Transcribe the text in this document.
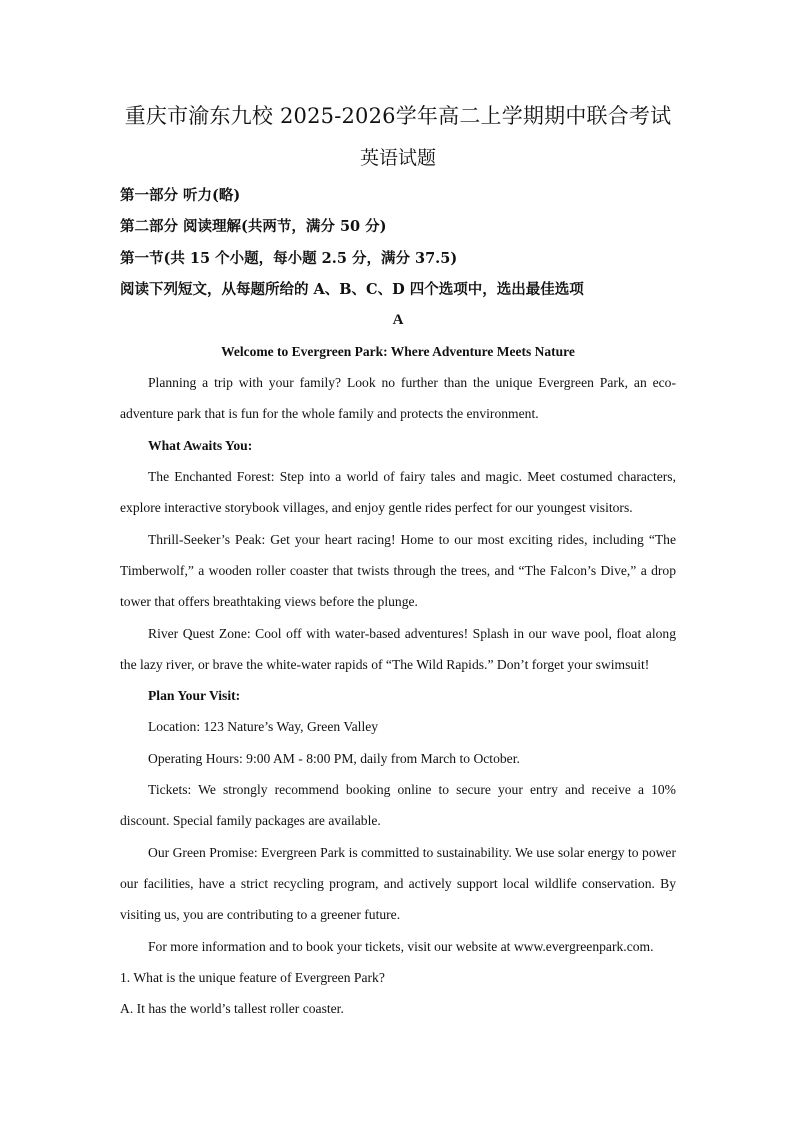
重庆市渝东九校 2025-2026学年高二上学期期中联合考试

英语试题

第一部分 听力(略)

第二部分 阅读理解(共两节，满分 50 分)

第一节(共 15 个小题，每小题 2.5 分，满分 37.5)

阅读下列短文，从每题所给的 A、B、C、D 四个选项中，选出最佳选项

A

Welcome to Evergreen Park: Where Adventure Meets Nature

Planning a trip with your family? Look no further than the unique Evergreen Park, an eco-adventure park that is fun for the whole family and protects the environment.

What Awaits You:

The Enchanted Forest: Step into a world of fairy tales and magic. Meet costumed characters, explore interactive storybook villages, and enjoy gentle rides perfect for our youngest visitors.

Thrill-Seeker’s Peak: Get your heart racing! Home to our most exciting rides, including “The Timberwolf,” a wooden roller coaster that twists through the trees, and “The Falcon’s Dive,” a drop tower that offers breathtaking views before the plunge.

River Quest Zone: Cool off with water-based adventures! Splash in our wave pool, float along the lazy river, or brave the white-water rapids of “The Wild Rapids.” Don’t forget your swimsuit!

Plan Your Visit:

Location: 123 Nature’s Way, Green Valley

Operating Hours: 9:00 AM - 8:00 PM, daily from March to October.

Tickets: We strongly recommend booking online to secure your entry and receive a 10% discount. Special family packages are available.

Our Green Promise: Evergreen Park is committed to sustainability. We use solar energy to power our facilities, have a strict recycling program, and actively support local wildlife conservation. By visiting us, you are contributing to a greener future.

For more information and to book your tickets, visit our website at www.evergreenpark.com.

1. What is the unique feature of Evergreen Park?

A. It has the world’s tallest roller coaster.
